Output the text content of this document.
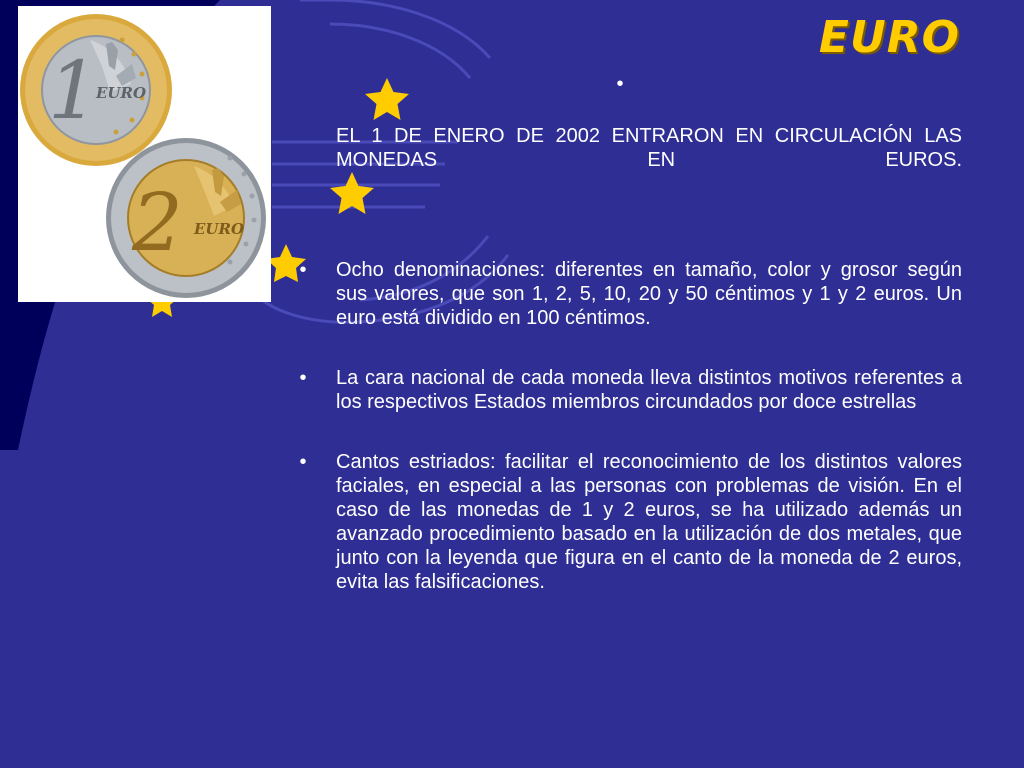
1
EURO
2 EURO
EURO
•

EL 1 DE ENERO DE 2002 ENTRARON EN CIRCULACIÓN LAS MONEDAS EN EUROS.

• Ocho denominaciones: diferentes en tamaño, color y grosor según sus valores, que son 1, 2, 5, 10, 20 y 50 céntimos y 1 y 2 euros. Un euro está dividido en 100 céntimos.
• La cara nacional de cada moneda lleva distintos motivos referentes a los respectivos Estados miembros circundados por doce estrellas
• Cantos estriados: facilitar el reconocimiento de los distintos valores faciales, en especial a las personas con problemas de visión. En el caso de las monedas de 1 y 2 euros, se ha utilizado además un avanzado procedimiento basado en la utilización de dos metales, que junto con la leyenda que figura en el canto de la moneda de 2 euros, evita las falsificaciones.
